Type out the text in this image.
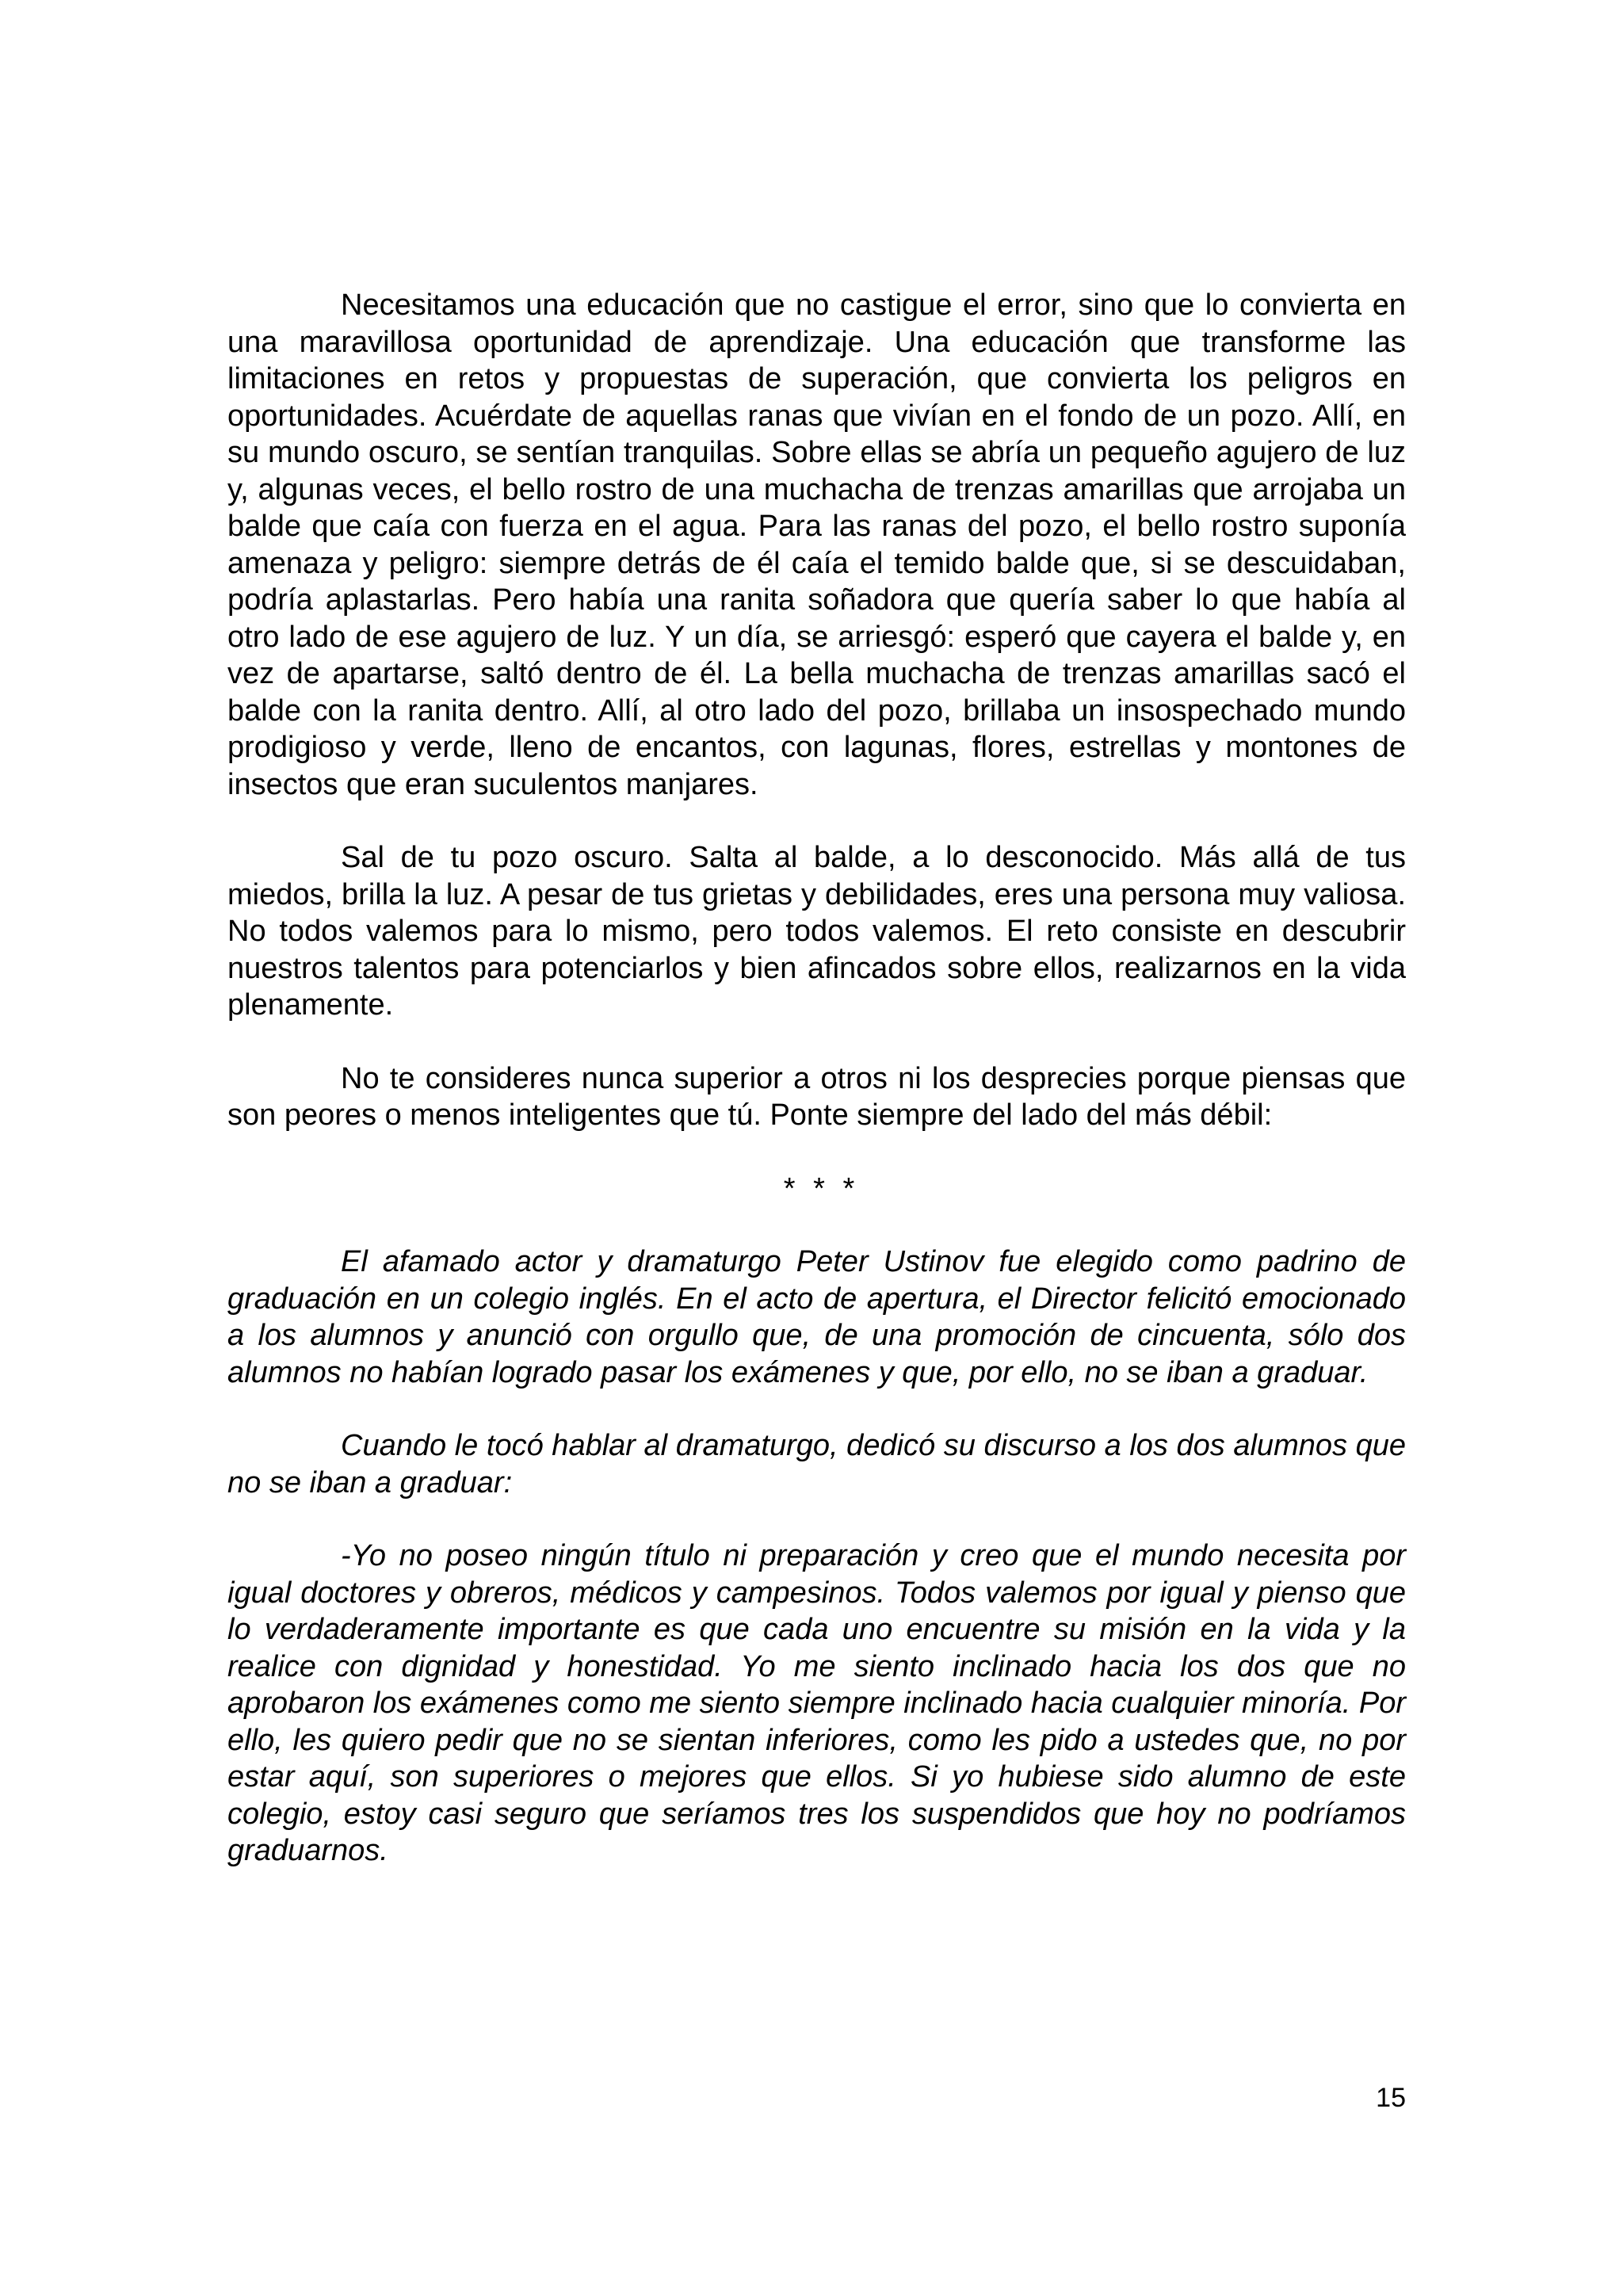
Necesitamos una educación que no castigue el error, sino que lo convierta en una maravillosa oportunidad de aprendizaje. Una educación que transforme las limitaciones en retos y propuestas de superación, que convierta los peligros en oportunidades. Acuérdate de aquellas ranas que vivían en el fondo de un pozo. Allí, en su mundo oscuro, se sentían tranquilas. Sobre ellas se abría un pequeño agujero de luz y, algunas veces, el bello rostro de una muchacha de trenzas amarillas que arrojaba un balde que caía con fuerza en el agua. Para las ranas del pozo, el bello rostro suponía amenaza y peligro: siempre detrás de él caía el temido balde que, si se descuidaban, podría aplastarlas. Pero había una ranita soñadora que quería saber lo que había al otro lado de ese agujero de luz. Y un día, se arriesgó: esperó que cayera el balde y, en vez de apartarse, saltó dentro de él. La bella muchacha de trenzas amarillas sacó el balde con la ranita dentro. Allí, al otro lado del pozo, brillaba un insospechado mundo prodigioso y verde, lleno de encantos, con lagunas, flores, estrellas y montones de insectos que eran suculentos manjares.

Sal de tu pozo oscuro. Salta al balde, a lo desconocido. Más allá de tus miedos, brilla la luz. A pesar de tus grietas y debilidades, eres una persona muy valiosa. No todos valemos para lo mismo, pero todos valemos. El reto consiste en descubrir nuestros talentos para potenciarlos y bien afincados sobre ellos, realizarnos en la vida plenamente.

No te consideres nunca superior a otros ni los desprecies porque piensas que son peores o menos inteligentes que tú. Ponte siempre del lado del más débil:

* * *

El afamado actor y dramaturgo Peter Ustinov fue elegido como padrino de graduación en un colegio inglés. En el acto de apertura, el Director felicitó emocionado a los alumnos y anunció con orgullo que, de una promoción de cincuenta, sólo dos alumnos no habían logrado pasar los exámenes y que, por ello, no se iban a graduar.

Cuando le tocó hablar al dramaturgo, dedicó su discurso a los dos alumnos que no se iban a graduar:

-Yo no poseo ningún título ni preparación y creo que el mundo necesita por igual doctores y obreros, médicos y campesinos. Todos valemos por igual y pienso que lo verdaderamente importante es que cada uno encuentre su misión en la vida y la realice con dignidad y honestidad. Yo me siento inclinado hacia los dos que no aprobaron los exámenes como me siento siempre inclinado hacia cualquier minoría. Por ello, les quiero pedir que no se sientan inferiores, como les pido a ustedes que, no por estar aquí, son superiores o mejores que ellos. Si yo hubiese sido alumno de este colegio, estoy casi seguro que seríamos tres los suspendidos que hoy no podríamos graduarnos.

15
